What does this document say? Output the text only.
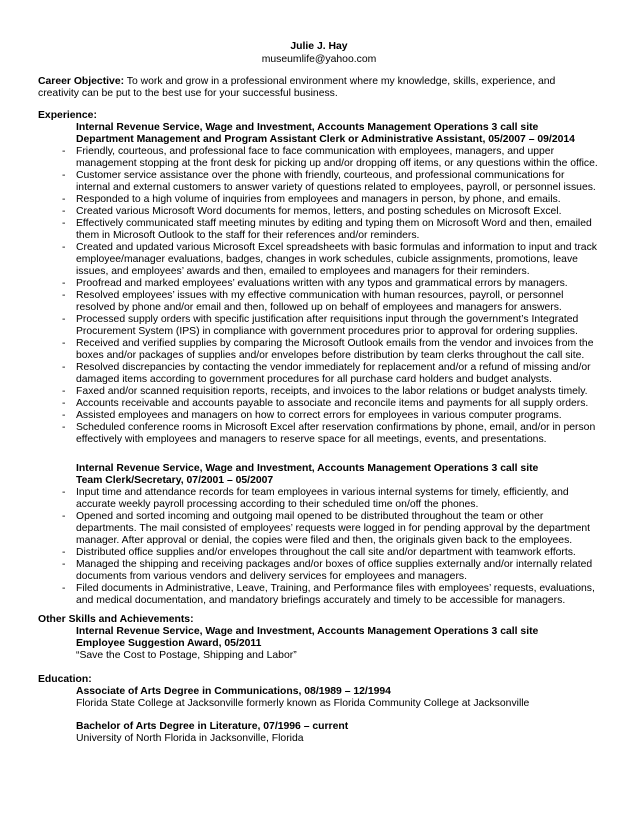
Julie J. Hay
museumlife@yahoo.com
Career Objective: To work and grow in a professional environment where my knowledge, skills, experience, and
creativity can be put to the best use for your successful business.
Experience:
Internal Revenue Service, Wage and Investment, Accounts Management Operations 3 call site
Department Management and Program Assistant Clerk or Administrative Assistant, 05/2007 – 09/2014
- Friendly, courteous, and professional face to face communication with employees, managers, and upper
management stopping at the front desk for picking up and/or dropping off items, or any questions within the office.
- Customer service assistance over the phone with friendly, courteous, and professional communications for
internal and external customers to answer variety of questions related to employees, payroll, or personnel issues.
- Responded to a high volume of inquiries from employees and managers in person, by phone, and emails.
- Created various Microsoft Word documents for memos, letters, and posting schedules on Microsoft Excel.
- Effectively communicated staff meeting minutes by editing and typing them on Microsoft Word and then, emailed
them in Microsoft Outlook to the staff for their references and/or reminders.
- Created and updated various Microsoft Excel spreadsheets with basic formulas and information to input and track
employee/manager evaluations, badges, changes in work schedules, cubicle assignments, promotions, leave
issues, and employees’ awards and then, emailed to employees and managers for their reminders.
- Proofread and marked employees’ evaluations written with any typos and grammatical errors by managers.
- Resolved employees’ issues with my effective communication with human resources, payroll, or personnel
resolved by phone and/or email and then, followed up on behalf of employees and managers for answers.
- Processed supply orders with specific justification after requisitions input through the government’s Integrated
Procurement System (IPS) in compliance with government procedures prior to approval for ordering supplies.
- Received and verified supplies by comparing the Microsoft Outlook emails from the vendor and invoices from the
boxes and/or packages of supplies and/or envelopes before distribution by team clerks throughout the call site.
- Resolved discrepancies by contacting the vendor immediately for replacement and/or a refund of missing and/or
damaged items according to government procedures for all purchase card holders and budget analysts.
- Faxed and/or scanned requisition reports, receipts, and invoices to the labor relations or budget analysts timely.
- Accounts receivable and accounts payable to associate and reconcile items and payments for all supply orders.
- Assisted employees and managers on how to correct errors for employees in various computer programs.
- Scheduled conference rooms in Microsoft Excel after reservation confirmations by phone, email, and/or in person
effectively with employees and managers to reserve space for all meetings, events, and presentations.
Internal Revenue Service, Wage and Investment, Accounts Management Operations 3 call site
Team Clerk/Secretary, 07/2001 – 05/2007
- Input time and attendance records for team employees in various internal systems for timely, efficiently, and
accurate weekly payroll processing according to their scheduled time on/off the phones.
- Opened and sorted incoming and outgoing mail opened to be distributed throughout the team or other
departments. The mail consisted of employees’ requests were logged in for pending approval by the department
manager. After approval or denial, the copies were filed and then, the originals given back to the employees.
- Distributed office supplies and/or envelopes throughout the call site and/or department with teamwork efforts.
- Managed the shipping and receiving packages and/or boxes of office supplies externally and/or internally related
documents from various vendors and delivery services for employees and managers.
- Filed documents in Administrative, Leave, Training, and Performance files with employees’ requests, evaluations,
and medical documentation, and mandatory briefings accurately and timely to be accessible for managers.
Other Skills and Achievements:
Internal Revenue Service, Wage and Investment, Accounts Management Operations 3 call site
Employee Suggestion Award, 05/2011
“Save the Cost to Postage, Shipping and Labor”
Education:
Associate of Arts Degree in Communications, 08/1989 – 12/1994
Florida State College at Jacksonville formerly known as Florida Community College at Jacksonville
Bachelor of Arts Degree in Literature, 07/1996 – current
University of North Florida in Jacksonville, Florida
